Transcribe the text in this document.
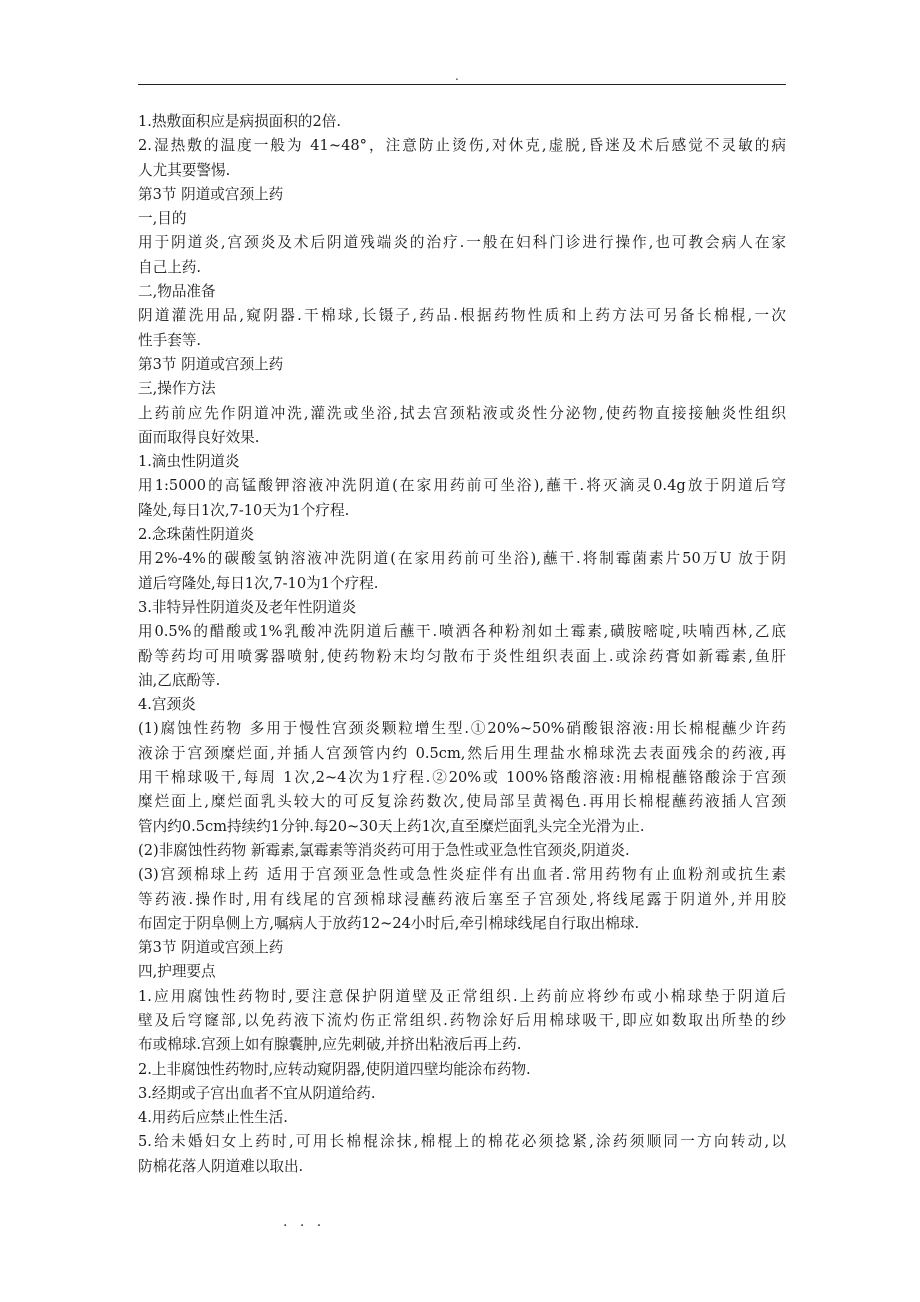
.
1.热敷面积应是病损面积的2倍.
2.湿热敷的温度一般为 41~48°，注意防止烫伤,对休克,虚脱,昏迷及术后感觉不灵敏的病
人尤其要警惕.
第3节 阴道或宫颈上药
一,目的
用于阴道炎,宫颈炎及术后阴道残端炎的治疗.一般在妇科门诊进行操作,也可教会病人在家
自己上药.
二,物品准备
阴道灌洗用品,窥阴器.干棉球,长镊子,药品.根据药物性质和上药方法可另备长棉棍,一次
性手套等.
第3节 阴道或宫颈上药
三,操作方法
上药前应先作阴道冲洗,灌洗或坐浴,拭去宫颈粘液或炎性分泌物,使药物直接接触炎性组织
面而取得良好效果.
1.滴虫性阴道炎
用1:5000的高锰酸钾溶液冲洗阴道(在家用药前可坐浴),蘸干.将灭滴灵0.4g放于阴道后穹
隆处,每日1次,7-10天为1个疗程.
2.念珠菌性阴道炎
用2%-4%的碳酸氢钠溶液冲洗阴道(在家用药前可坐浴),蘸干.将制霉菌素片50万U 放于阴
道后穹隆处,每日1次,7-10为1个疗程.
3.非特异性阴道炎及老年性阴道炎
用0.5%的醋酸或1%乳酸冲洗阴道后蘸干.喷洒各种粉剂如土霉素,磺胺嘧啶,呋喃西林,乙底
酚等药均可用喷雾器喷射,使药物粉末均匀散布于炎性组织表面上.或涂药膏如新霉素,鱼肝
油,乙底酚等.
4.宫颈炎
(1)腐蚀性药物 多用于慢性宫颈炎颗粒增生型.①20%~50%硝酸银溶液:用长棉棍蘸少许药
液涂于宫颈糜烂面,并插人宫颈管内约 0.5cm,然后用生理盐水棉球洗去表面残余的药液,再
用干棉球吸干,每周 1次,2~4次为1疗程.②20%或 100%铬酸溶液:用棉棍蘸铬酸涂于宫颈
糜烂面上,糜烂面乳头较大的可反复涂药数次,使局部呈黄褐色.再用长棉棍蘸药液插人宫颈
管内约0.5cm持续约1分钟.每20~30天上药1次,直至糜烂面乳头完全光滑为止.
(2)非腐蚀性药物 新霉素,氯霉素等消炎药可用于急性或亚急性官颈炎,阴道炎.
(3)宫颈棉球上药 适用于宫颈亚急性或急性炎症伴有出血者.常用药物有止血粉剂或抗生素
等药液.操作时,用有线尾的宫颈棉球浸蘸药液后塞至子宫颈处,将线尾露于阴道外,并用胶
布固定于阴阜侧上方,嘱病人于放药12~24小时后,牵引棉球线尾自行取出棉球.
第3节 阴道或宫颈上药
四,护理要点
1.应用腐蚀性药物时,要注意保护阴道壁及正常组织.上药前应将纱布或小棉球垫于阴道后
壁及后穹窿部,以免药液下流灼伤正常组织.药物涂好后用棉球吸干,即应如数取出所垫的纱
布或棉球.宫颈上如有腺囊肿,应先刺破,并挤出粘液后再上药.
2.上非腐蚀性药物时,应转动窥阴器,使阴道四壁均能涂布药物.
3.经期或子宫出血者不宜从阴道给药.
4.用药后应禁止性生活.
5.给未婚妇女上药时,可用长棉棍涂抹,棉棍上的棉花必须捻紧,涂药须顺同一方向转动,以
防棉花落人阴道难以取出.
. . .
